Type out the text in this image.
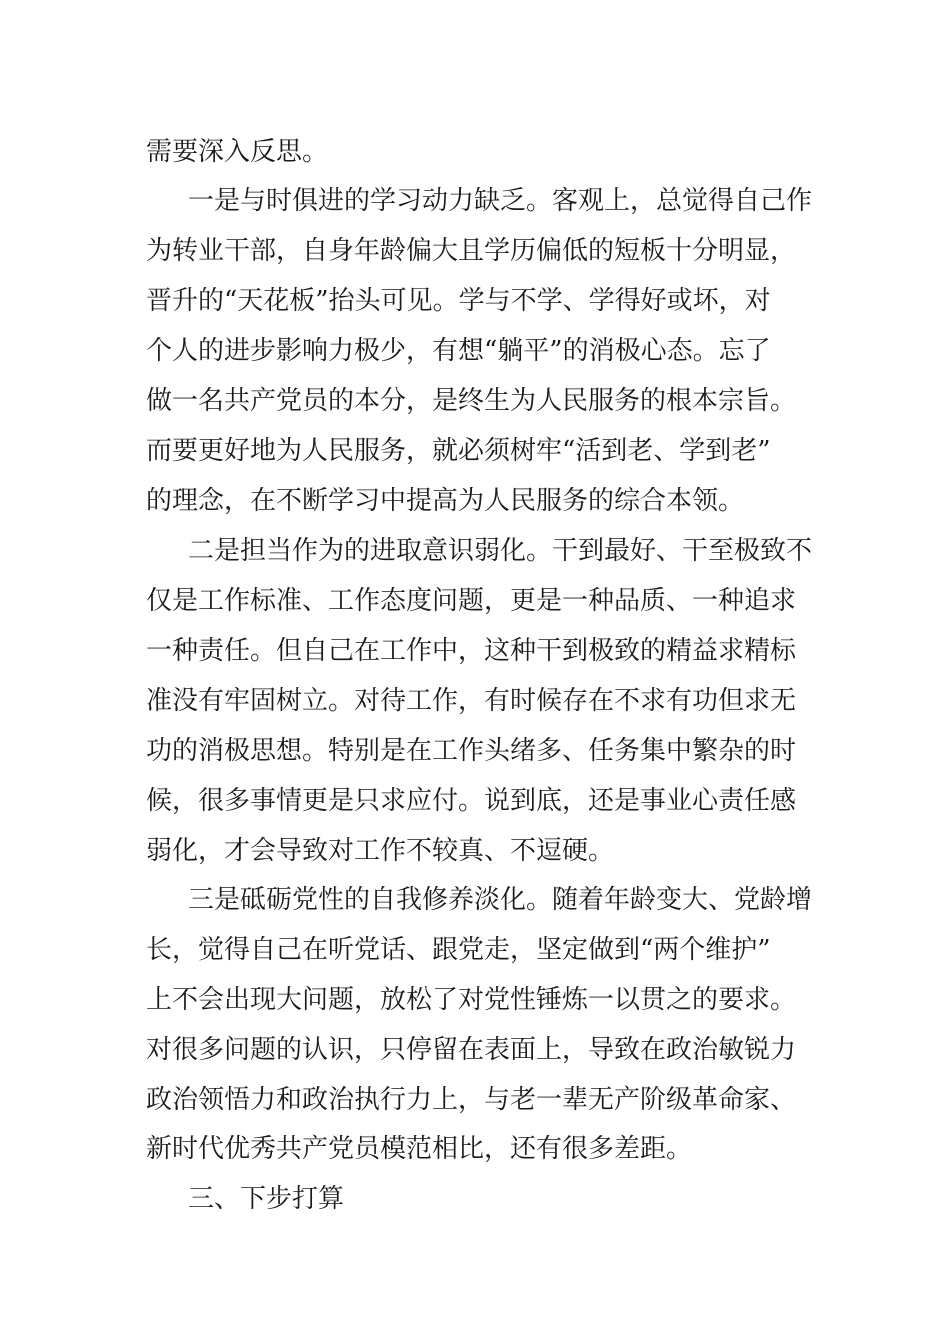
需要深入反思。
一是与时俱进的学习动力缺乏。客观上，总觉得自己作
为转业干部，自身年龄偏大且学历偏低的短板十分明显，
晋升的“天花板”抬头可见。学与不学、学得好或坏，对
个人的进步影响力极少，有想“躺平”的消极心态。忘了
做一名共产党员的本分，是终生为人民服务的根本宗旨。
而要更好地为人民服务，就必须树牢“活到老、学到老”
的理念，在不断学习中提高为人民服务的综合本领。
二是担当作为的进取意识弱化。干到最好、干至极致不
仅是工作标准、工作态度问题，更是一种品质、一种追求
一种责任。但自己在工作中，这种干到极致的精益求精标
准没有牢固树立。对待工作，有时候存在不求有功但求无
功的消极思想。特别是在工作头绪多、任务集中繁杂的时
候，很多事情更是只求应付。说到底，还是事业心责任感
弱化，才会导致对工作不较真、不逗硬。
三是砥砺党性的自我修养淡化。随着年龄变大、党龄增
长，觉得自己在听党话、跟党走，坚定做到“两个维护”
上不会出现大问题，放松了对党性锤炼一以贯之的要求。
对很多问题的认识，只停留在表面上，导致在政治敏锐力
政治领悟力和政治执行力上，与老一辈无产阶级革命家、
新时代优秀共产党员模范相比，还有很多差距。
三、下步打算
